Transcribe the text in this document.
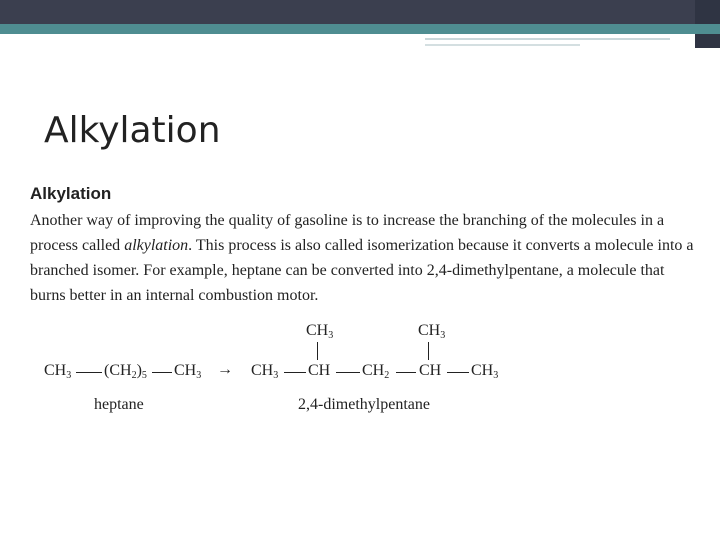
Alkylation
Alkylation
Another way of improving the quality of gasoline is to increase the branching of the molecules in a process called alkylation. This process is also called isomerization because it converts a molecule into a branched isomer. For example, heptane can be converted into 2,4-dimethylpentane, a molecule that burns better in an internal combustion motor.
$CH_3$ $(CH_2)_5$ $CH_3$
heptane
→
$CH_3$	$CH_3$
$CH_3$ CH $CH_2$ CH $CH_3$
2,4-dimethylpentane
